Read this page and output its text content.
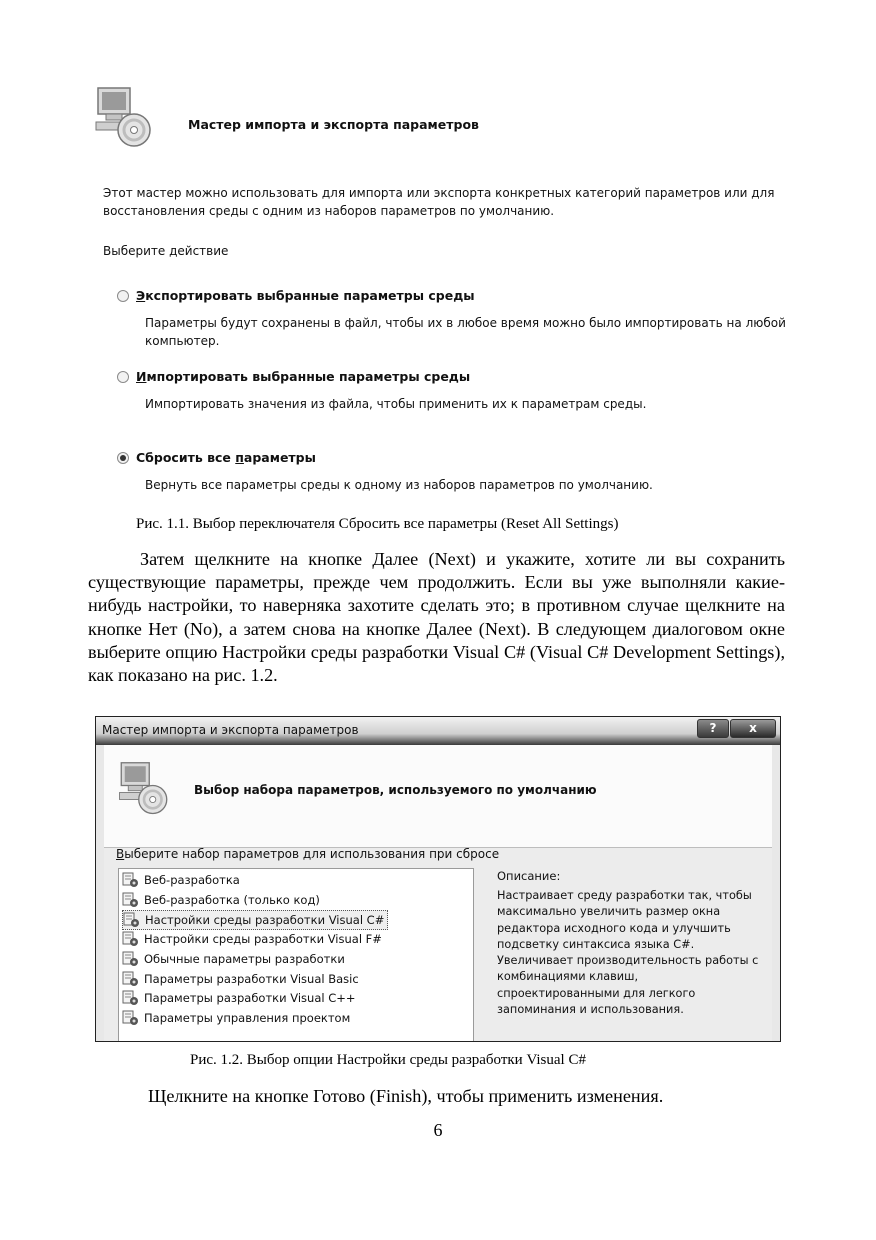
Мастер импорта и экспорта параметров
Этот мастер можно использовать для импорта или экспорта конкретных категорий параметров или для восстановления среды с одним из наборов параметров по умолчанию.
Выберите действие
Экспортировать выбранные параметры среды
Параметры будут сохранены в файл, чтобы их в любое время можно было импортировать на любой компьютер.
Импортировать выбранные параметры среды
Импортировать значения из файла, чтобы применить их к параметрам среды.
Сбросить все параметры
Вернуть все параметры среды к одному из наборов параметров по умолчанию.
Рис. 1.1. Выбор переключателя Сбросить все параметры (Reset All Settings)

Затем щелкните на кнопке Далее (Next) и укажите, хотите ли вы сохранить существующие параметры, прежде чем продолжить. Если вы уже выполняли какие-нибудь настройки, то наверняка захотите сделать это; в противном случае щелкните на кнопке Нет (No), а затем снова на кнопке Далее (Next). В следующем диалоговом окне выберите опцию Настройки среды разработки Visual C# (Visual C# Development Settings), как показано на рис. 1.2.

Мастер импорта и экспорта параметров	?	x
Выбор набора параметров, используемого по умолчанию
Выберите набор параметров для использования при сбросе
Веб-разработка
Веб-разработка (только код)
Настройки среды разработки Visual C#
Настройки среды разработки Visual F#
Обычные параметры разработки
Параметры разработки Visual Basic
Параметры разработки Visual C++
Параметры управления проектом
Описание:
Настраивает среду разработки так, чтобы максимально увеличить размер окна редактора исходного кода и улучшить подсветку синтаксиса языка C#. Увеличивает производительность работы с комбинациями клавиш, спроектированными для легкого запоминания и использования.
Рис. 1.2. Выбор опции Настройки среды разработки Visual C#
Щелкните на кнопке Готово (Finish), чтобы применить изменения.
6
